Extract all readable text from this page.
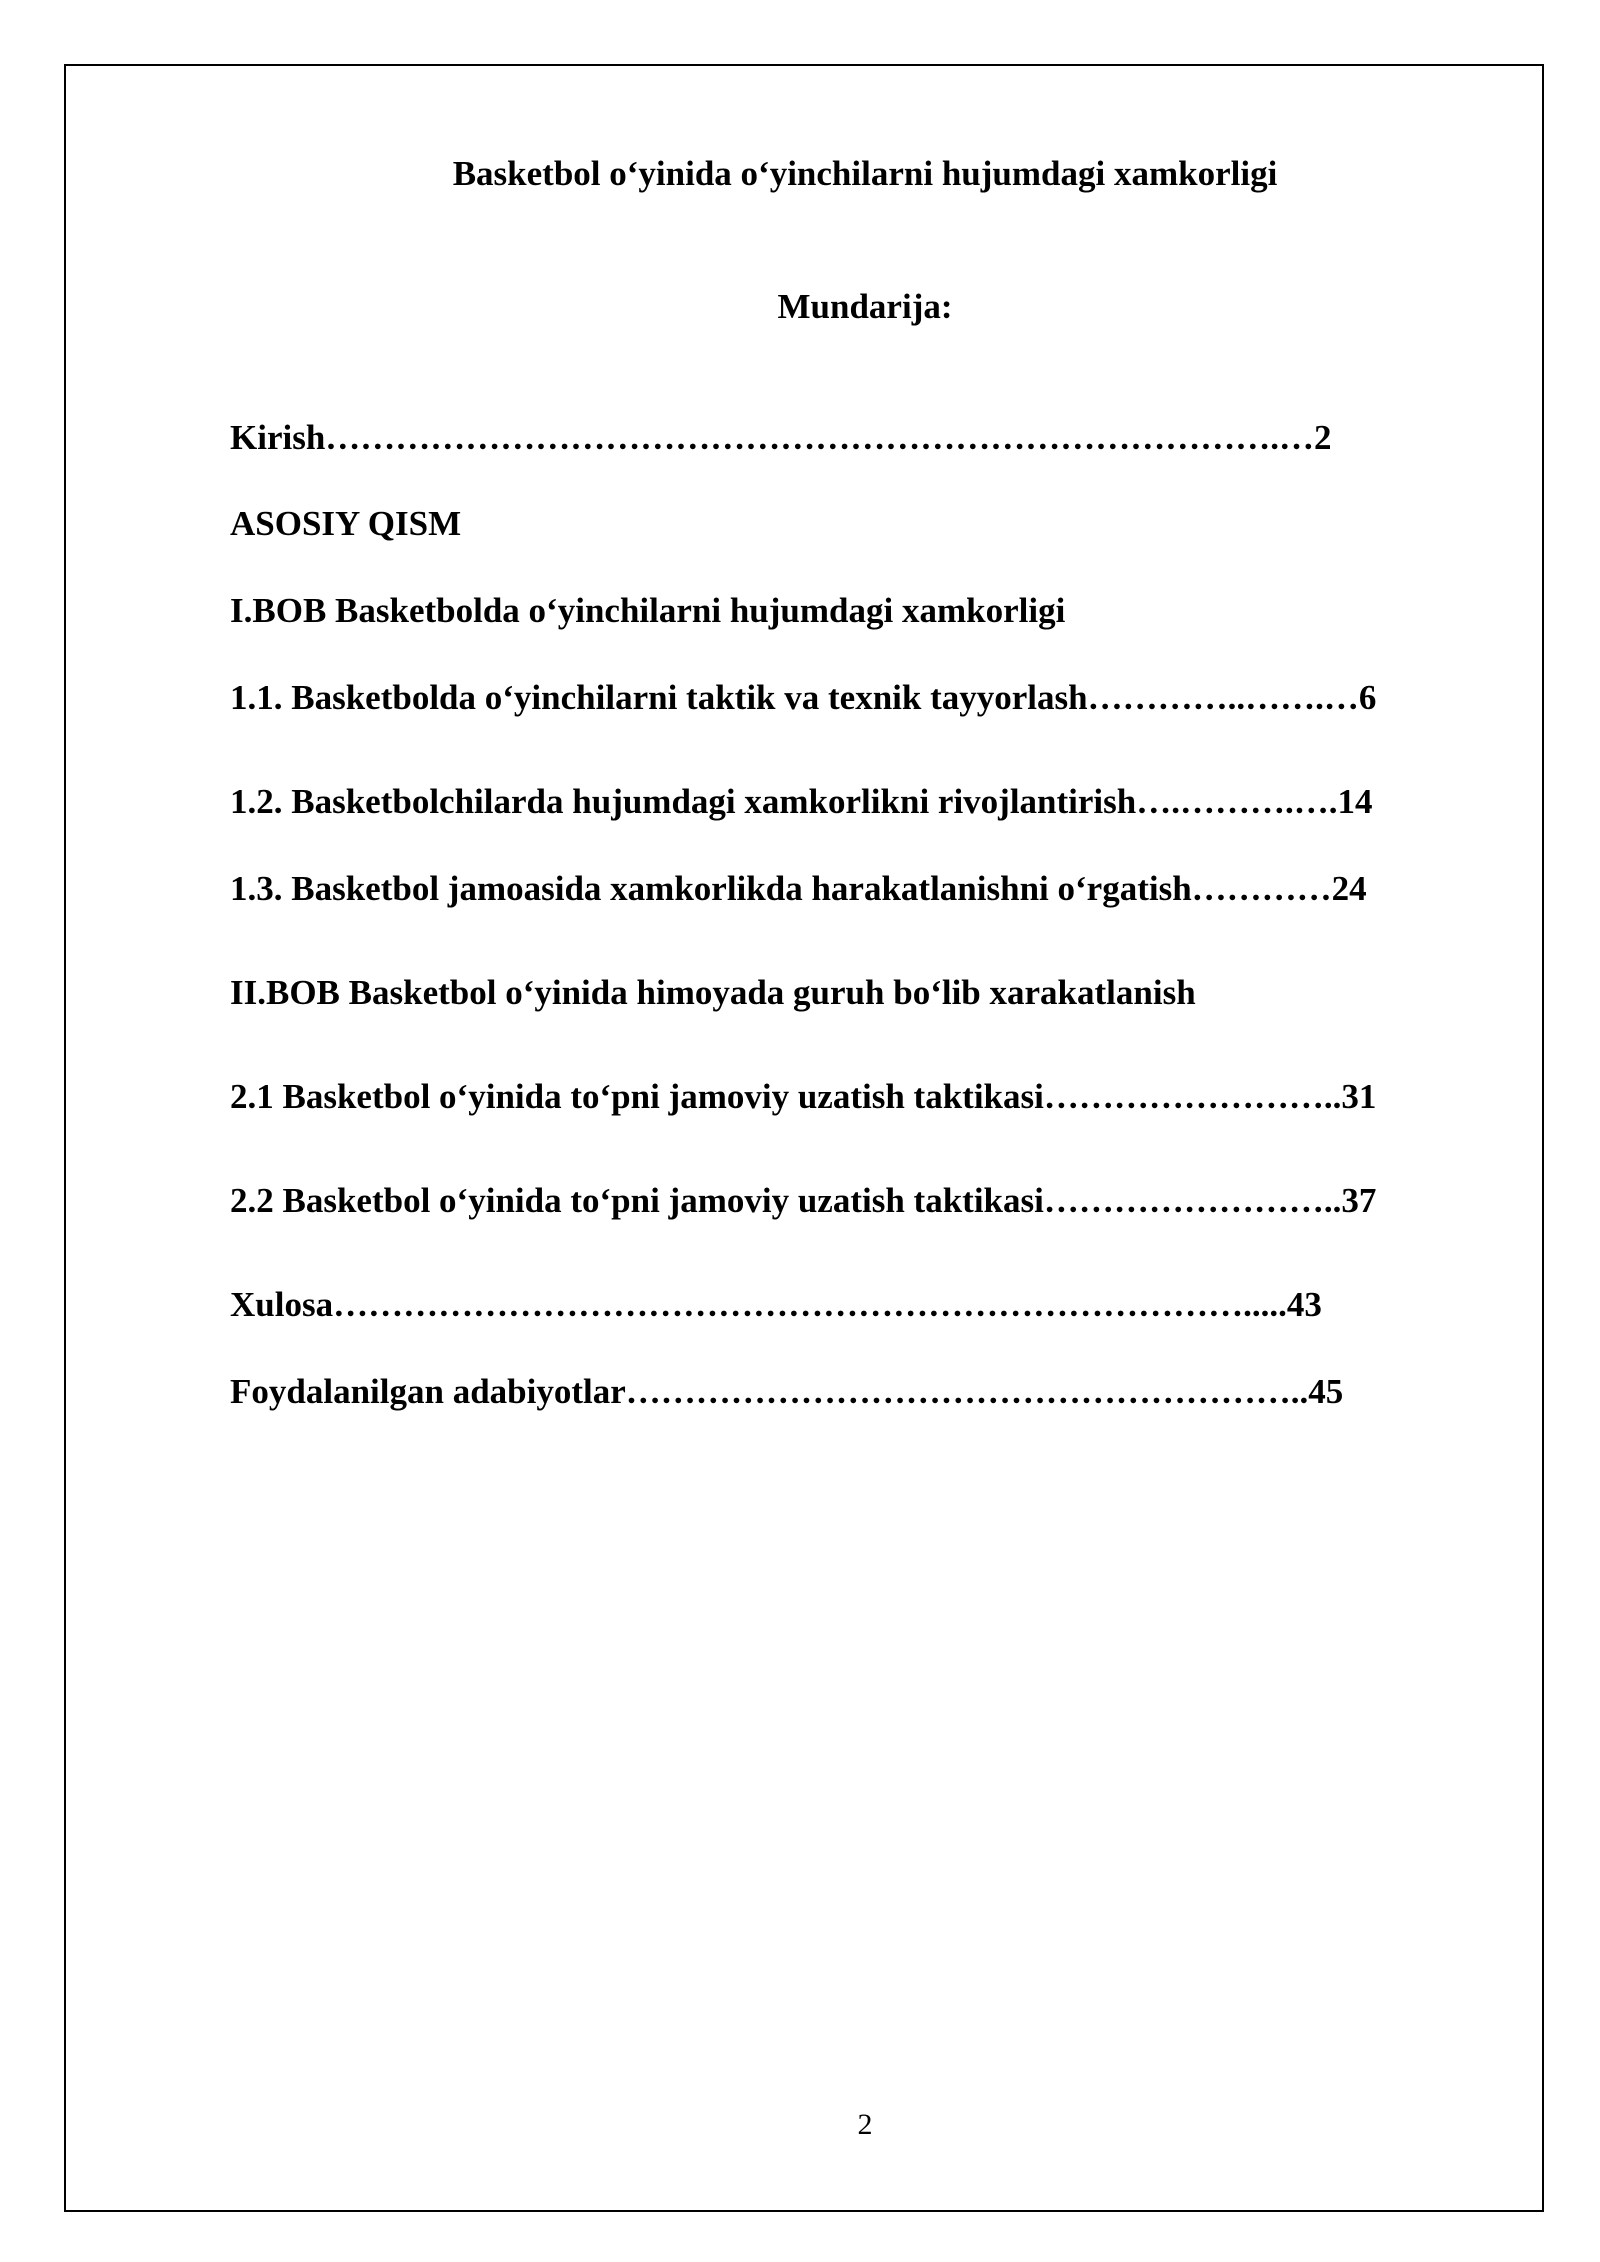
Basketbol o‘yinida o‘yinchilarni hujumdagi xamkorligi
Mundarija:
Kirish……………………………………………………………………….…2
ASOSIY QISM
I.BOB Basketbolda o‘yinchilarni hujumdagi xamkorligi
1.1. Basketbolda o‘yinchilarni taktik va texnik tayyorlash…………..…….…6
1.2. Basketbolchilarda hujumdagi xamkorlikni rivojlantirish….……….….14
1.3. Basketbol jamoasida xamkorlikda harakatlanishni o‘rgatish…………24
II.BOB Basketbol o‘yinida himoyada guruh bo‘lib xarakatlanish
2.1 Basketbol o‘yinida to‘pni jamoviy uzatish taktikasi……………………..31
2.2 Basketbol o‘yinida to‘pni jamoviy uzatish taktikasi……………………..37
Xulosa…………………………………………………………………….....43
Foydalanilgan adabiyotlar…………………………………………………..45
2
